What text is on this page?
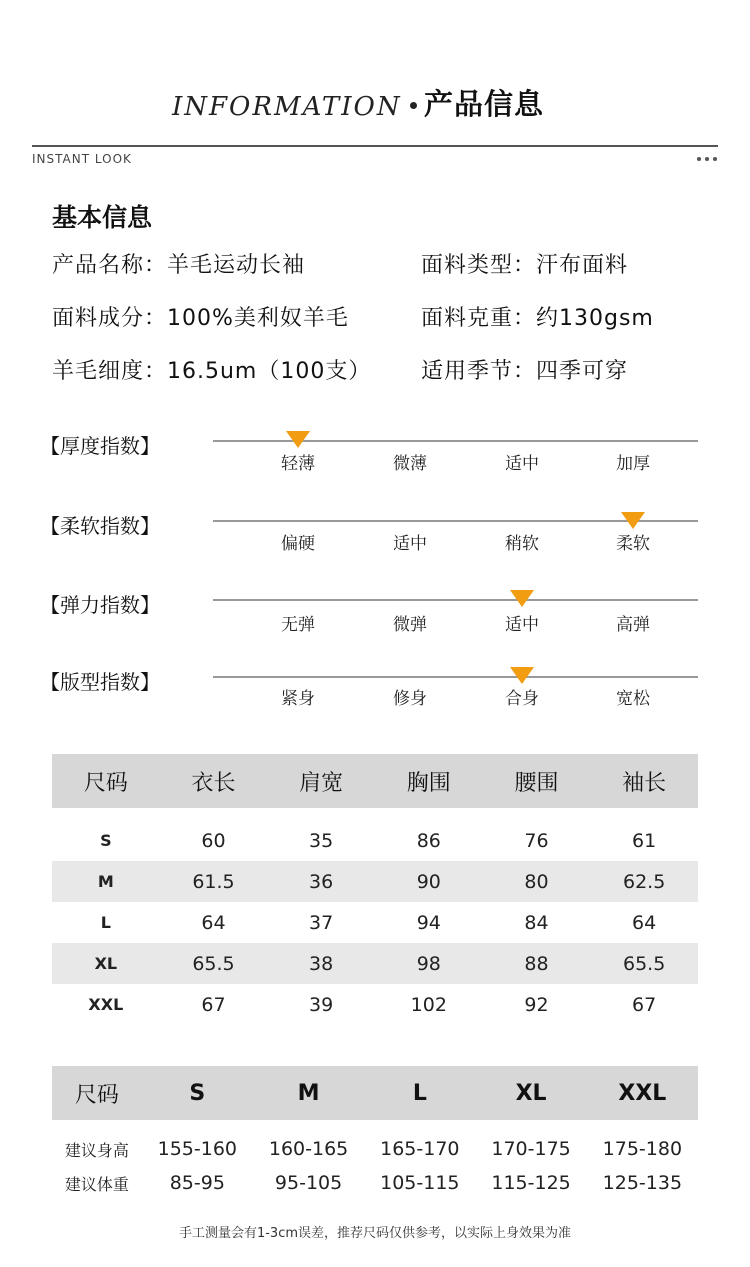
INFORMATION 产品信息
INSTANT LOOK
基本信息
产品名称：羊毛运动长袖	面料类型：汗布面料
面料成分：100%美利奴羊毛	面料克重：约130gsm
羊毛细度：16.5um（100支） 适用季节：四季可穿
【厚度指数】
轻薄	微薄	适中	加厚
【柔软指数】
偏硬	适中	稍软	柔软
【弹力指数】
无弹	微弹	适中	高弹
【版型指数】
紧身	修身	合身	宽松
尺码	衣长	肩宽	胸围	腰围	袖长

S	60	35	86	76	61
M	61.5	36	90	80	62.5
L	64	37	94	84	64
XL	65.5	38	98	88	65.5
XXL	67	39	102	92	67
尺码	S	M	L	XL	XXL

建议身高	155-160	160-165	165-170	170-175	175-180
建议体重	85-95	95-105	105-115	115-125	125-135
手工测量会有1-3cm误差，推荐尺码仅供参考，以实际上身效果为准
